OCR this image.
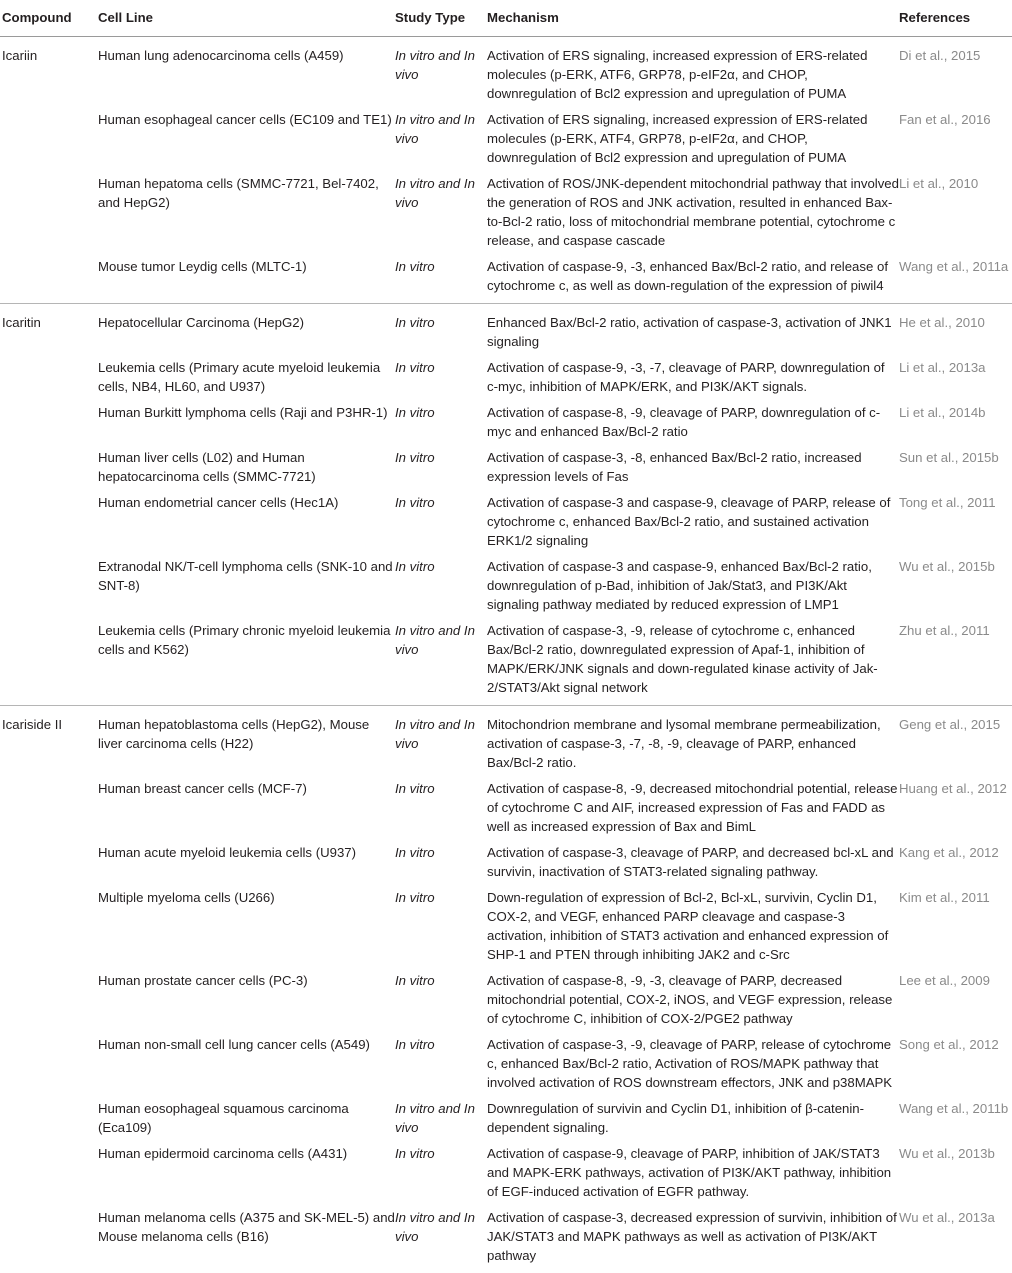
Compound	Cell Line	Study Type	Mechanism	References
Icariin	Human lung adenocarcinoma cells (A459)	In vitro and In vivo	Activation of ERS signaling, increased expression of ERS-related molecules (p-ERK, ATF6, GRP78, p-eIF2α, and CHOP, downregulation of Bcl2 expression and upregulation of PUMA	Di et al., 2015
	Human esophageal cancer cells (EC109 and TE1)	In vitro and In vivo	Activation of ERS signaling, increased expression of ERS-related molecules (p-ERK, ATF4, GRP78, p-eIF2α, and CHOP, downregulation of Bcl2 expression and upregulation of PUMA	Fan et al., 2016
	Human hepatoma cells (SMMC-7721, Bel-7402, and HepG2)	In vitro and In vivo	Activation of ROS/JNK-dependent mitochondrial pathway that involved the generation of ROS and JNK activation, resulted in enhanced Bax-to-Bcl-2 ratio, loss of mitochondrial membrane potential, cytochrome c release, and caspase cascade	Li et al., 2010
	Mouse tumor Leydig cells (MLTC-1)	In vitro	Activation of caspase-9, -3, enhanced Bax/Bcl-2 ratio, and release of cytochrome c, as well as down-regulation of the expression of piwil4	Wang et al., 2011a
Icaritin	Hepatocellular Carcinoma (HepG2)	In vitro	Enhanced Bax/Bcl-2 ratio, activation of caspase-3, activation of JNK1 signaling	He et al., 2010
	Leukemia cells (Primary acute myeloid leukemia cells, NB4, HL60, and U937)	In vitro	Activation of caspase-9, -3, -7, cleavage of PARP, downregulation of c-myc, inhibition of MAPK/ERK, and PI3K/AKT signals.	Li et al., 2013a
	Human Burkitt lymphoma cells (Raji and P3HR-1)	In vitro	Activation of caspase-8, -9, cleavage of PARP, downregulation of c-myc and enhanced Bax/Bcl-2 ratio	Li et al., 2014b
	Human liver cells (L02) and Human hepatocarcinoma cells (SMMC-7721)	In vitro	Activation of caspase-3, -8, enhanced Bax/Bcl-2 ratio, increased expression levels of Fas	Sun et al., 2015b
	Human endometrial cancer cells (Hec1A)	In vitro	Activation of caspase-3 and caspase-9, cleavage of PARP, release of cytochrome c, enhanced Bax/Bcl-2 ratio, and sustained activation ERK1/2 signaling	Tong et al., 2011
	Extranodal NK/T-cell lymphoma cells (SNK-10 and SNT-8)	In vitro	Activation of caspase-3 and caspase-9, enhanced Bax/Bcl-2 ratio, downregulation of p-Bad, inhibition of Jak/Stat3, and PI3K/Akt signaling pathway mediated by reduced expression of LMP1	Wu et al., 2015b
	Leukemia cells (Primary chronic myeloid leukemia cells and K562)	In vitro and In vivo	Activation of caspase-3, -9, release of cytochrome c, enhanced Bax/Bcl-2 ratio, downregulated expression of Apaf-1, inhibition of MAPK/ERK/JNK signals and down-regulated kinase activity of Jak-2/STAT3/Akt signal network	Zhu et al., 2011
Icariside II	Human hepatoblastoma cells (HepG2), Mouse liver carcinoma cells (H22)	In vitro and In vivo	Mitochondrion membrane and lysomal membrane permeabilization, activation of caspase-3, -7, -8, -9, cleavage of PARP, enhanced Bax/Bcl-2 ratio.	Geng et al., 2015
	Human breast cancer cells (MCF-7)	In vitro	Activation of caspase-8, -9, decreased mitochondrial potential, release of cytochrome C and AIF, increased expression of Fas and FADD as well as increased expression of Bax and BimL	Huang et al., 2012
	Human acute myeloid leukemia cells (U937)	In vitro	Activation of caspase-3, cleavage of PARP, and decreased bcl-xL and survivin, inactivation of STAT3-related signaling pathway.	Kang et al., 2012
	Multiple myeloma cells (U266)	In vitro	Down-regulation of expression of Bcl-2, Bcl-xL, survivin, Cyclin D1, COX-2, and VEGF, enhanced PARP cleavage and caspase-3 activation, inhibition of STAT3 activation and enhanced expression of SHP-1 and PTEN through inhibiting JAK2 and c-Src	Kim et al., 2011
	Human prostate cancer cells (PC-3)	In vitro	Activation of caspase-8, -9, -3, cleavage of PARP, decreased mitochondrial potential, COX-2, iNOS, and VEGF expression, release of cytochrome C, inhibition of COX-2/PGE2 pathway	Lee et al., 2009
	Human non-small cell lung cancer cells (A549)	In vitro	Activation of caspase-3, -9, cleavage of PARP, release of cytochrome c, enhanced Bax/Bcl-2 ratio, Activation of ROS/MAPK pathway that involved activation of ROS downstream effectors, JNK and p38MAPK	Song et al., 2012
	Human eosophageal squamous carcinoma (Eca109)	In vitro and In vivo	Downregulation of survivin and Cyclin D1, inhibition of β-catenin-dependent signaling.	Wang et al., 2011b
	Human epidermoid carcinoma cells (A431)	In vitro	Activation of caspase-9, cleavage of PARP, inhibition of JAK/STAT3 and MAPK-ERK pathways, activation of PI3K/AKT pathway, inhibition of EGF-induced activation of EGFR pathway.	Wu et al., 2013b
	Human melanoma cells (A375 and SK-MEL-5) and Mouse melanoma cells (B16)	In vitro and In vivo	Activation of caspase-3, decreased expression of survivin, inhibition of JAK/STAT3 and MAPK pathways as well as activation of PI3K/AKT pathway	Wu et al., 2013a
